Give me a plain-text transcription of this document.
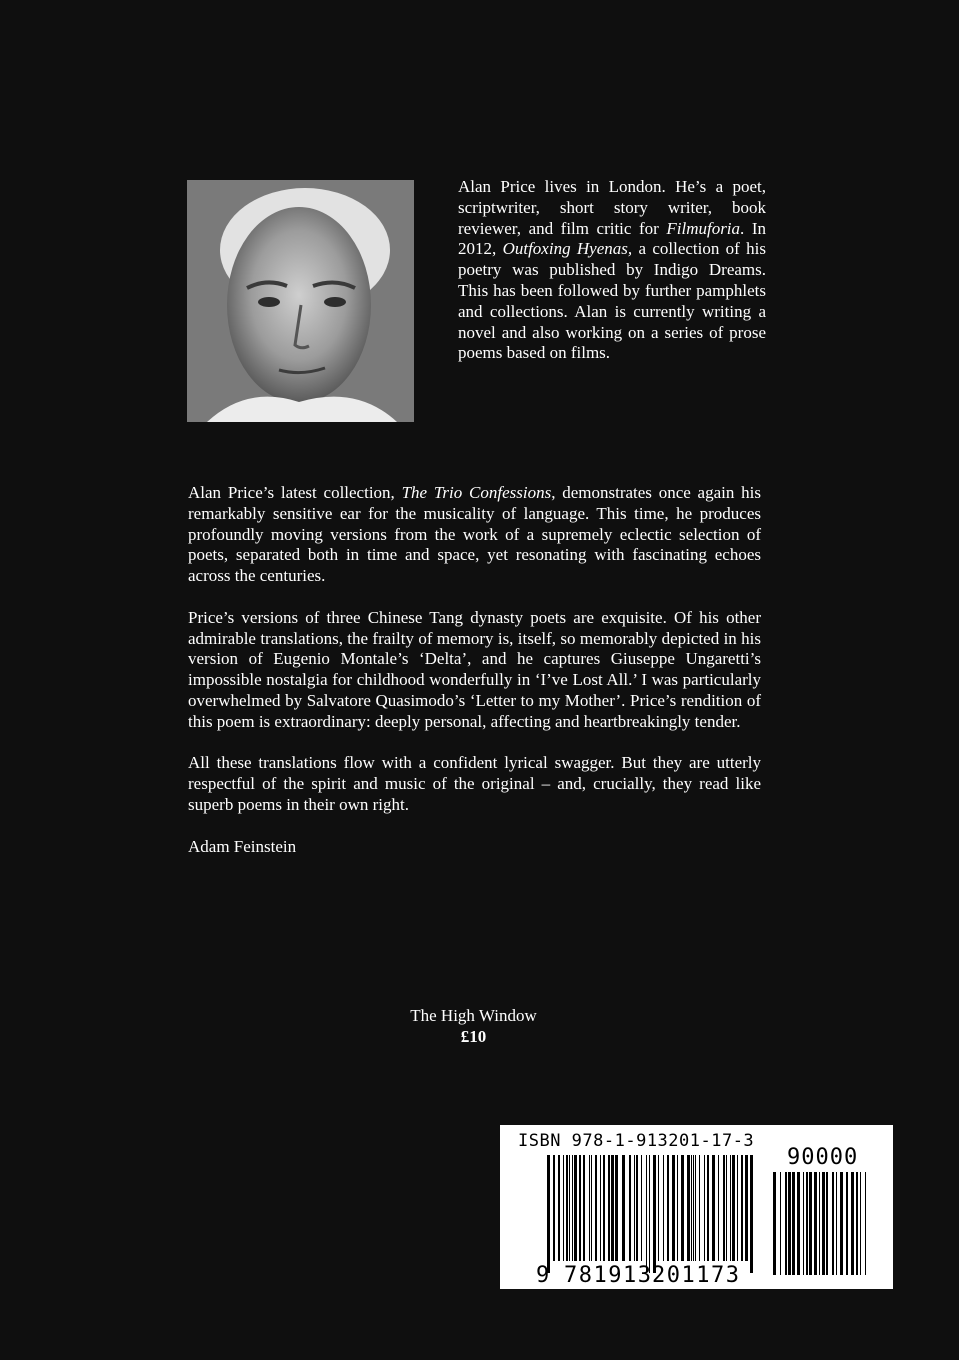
Alan Price lives in London. He’s a poet, scriptwriter, short story writer, book reviewer, and film critic for Filmuforia. In 2012, Outfoxing Hyenas, a collection of his poetry was published by Indigo Dreams. This has been followed by further pamphlets and collections. Alan is currently writing a novel and also working on a series of prose poems based on films.

Alan Price’s latest collection, The Trio Confessions, demonstrates once again his remarkably sensitive ear for the musicality of language. This time, he produces profoundly moving versions from the work of a supremely eclectic selection of poets, separated both in time and space, yet resonating with fascinating echoes across the centuries.

Price’s versions of three Chinese Tang dynasty poets are exquisite. Of his other admirable translations, the frailty of memory is, itself, so memorably depicted in his version of Eugenio Montale’s ‘Delta’, and he captures Giuseppe Ungaretti’s impossible nostalgia for childhood wonderfully in ‘I’ve Lost All.’ I was particularly overwhelmed by Salvatore Quasimodo’s ‘Letter to my Mother’. Price’s rendition of this poem is extraordinary: deeply personal, affecting and heartbreakingly tender.

All these translations flow with a confident lyrical swagger. But they are utterly respectful of the spirit and music of the original – and, crucially, they read like superb poems in their own right.

Adam Feinstein

The High Window
£10
ISBN 978-1-913201-17-3
90000
9 781913 201173
